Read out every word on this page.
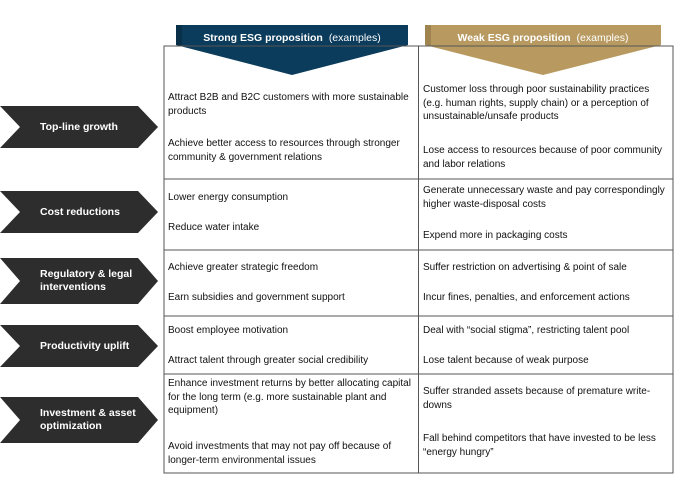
Strong ESG proposition (examples)	Weak ESG proposition (examples)
Top-line growth
Cost reductions
Regulatory & legal interventions
Productivity uplift
Investment & asset optimization

Attract B2B and B2C customers with more sustainable products

Achieve better access to resources through stronger community & government relations

Customer loss through poor sustainability practices (e.g. human rights, supply chain) or a perception of unsustainable/unsafe products

Lose access to resources because of poor community and labor relations

Lower energy consumption

Reduce water intake

Generate unnecessary waste and pay correspondingly higher waste-disposal costs

Expend more in packaging costs

Achieve greater strategic freedom

Earn subsidies and government support

Suffer restriction on advertising & point of sale

Incur fines, penalties, and enforcement actions

Boost employee motivation

Attract talent through greater social credibility

Deal with “social stigma”, restricting talent pool

Lose talent because of weak purpose

Enhance investment returns by better allocating capital for the long term (e.g. more sustainable plant and equipment)

Avoid investments that may not pay off because of longer-term environmental issues

Suffer stranded assets because of premature write-downs

Fall behind competitors that have invested to be less “energy hungry”
